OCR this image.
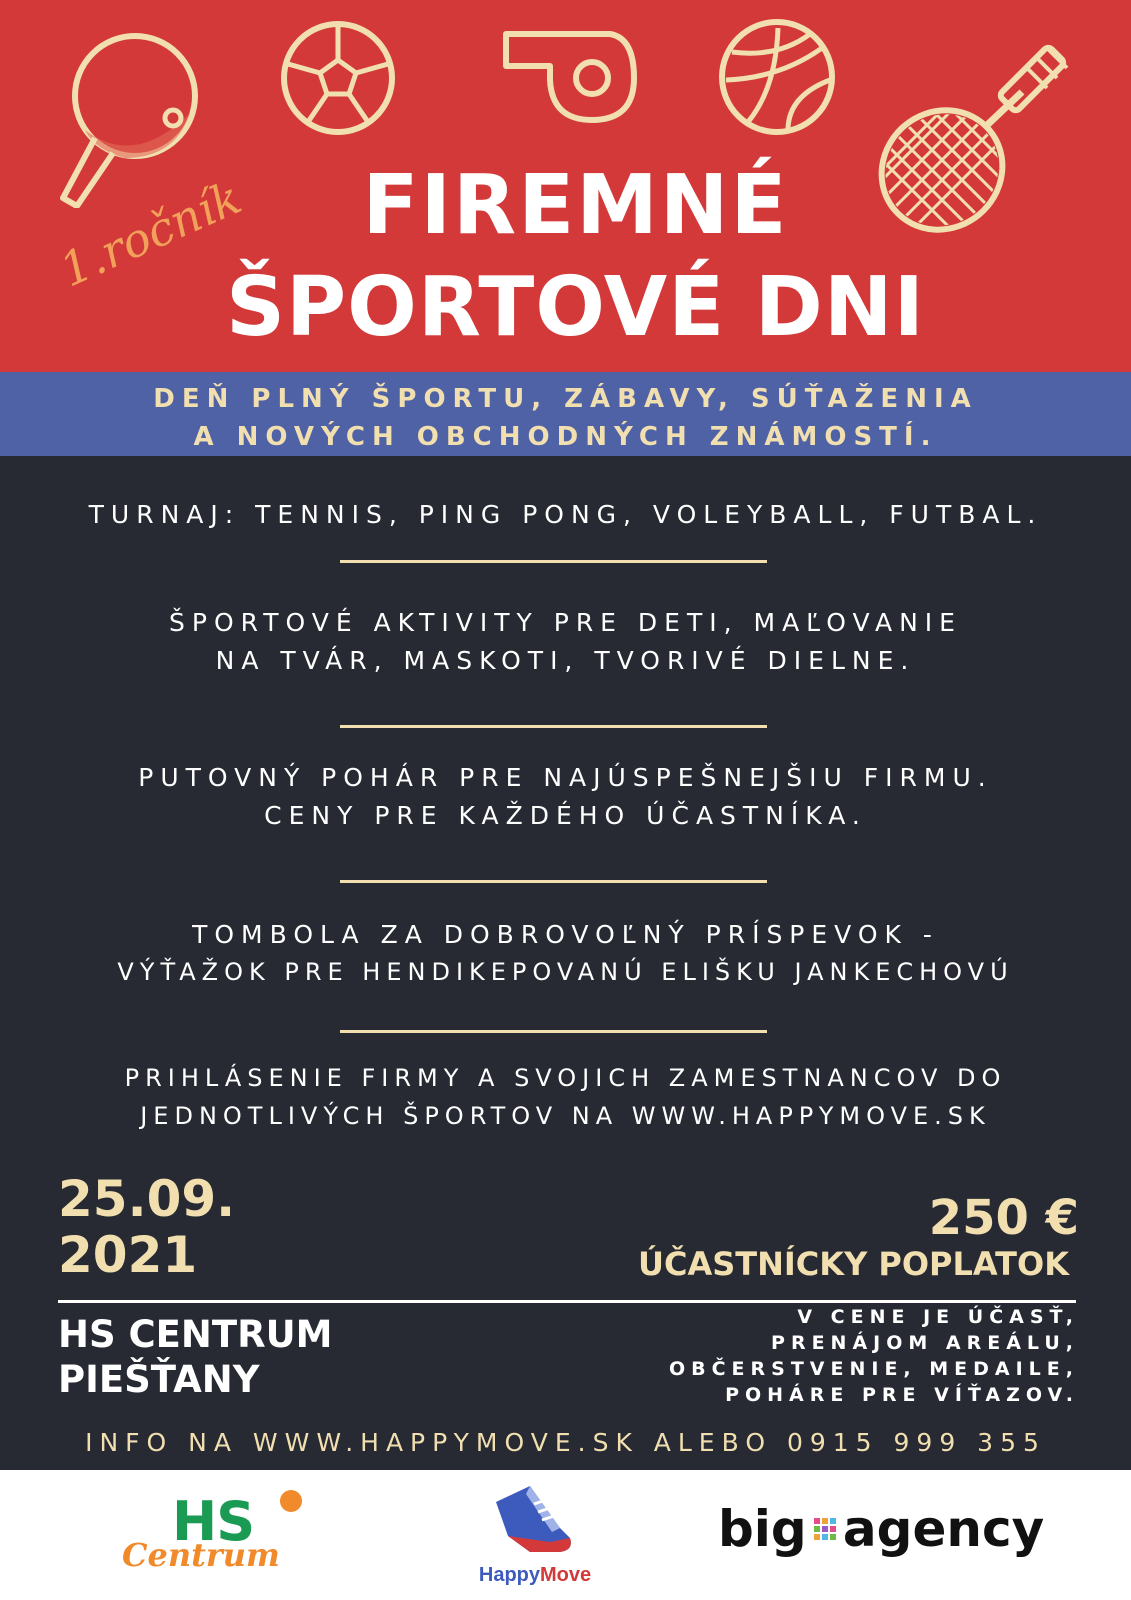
1.ročník	FIREMNÉ
ŠPORTOVÉ DNI
DEŇ PLNÝ ŠPORTU, ZÁBAVY, SÚŤAŽENIA
A NOVÝCH OBCHODNÝCH ZNÁMOSTÍ.
TURNAJ: TENNIS, PING PONG, VOLEYBALL, FUTBAL.
ŠPORTOVÉ AKTIVITY PRE DETI, MAĽOVANIE
NA TVÁR, MASKOTI, TVORIVÉ DIELNE.
PUTOVNÝ POHÁR PRE NAJÚSPEŠNEJŠIU FIRMU.
CENY PRE KAŽDÉHO ÚČASTNÍKA.
TOMBOLA ZA DOBROVOĽNÝ PRÍSPEVOK -
VÝŤAŽOK PRE HENDIKEPOVANÚ ELIŠKU JANKECHOVÚ
PRIHLÁSENIE FIRMY A SVOJICH ZAMESTNANCOV DO
JEDNOTLIVÝCH ŠPORTOV NA WWW.HAPPYMOVE.SK
25.09.
2021
250 €
ÚČASTNÍCKY POPLATOK
HS CENTRUM
PIEŠŤANY
V CENE JE ÚČASŤ,
PRENÁJOM AREÁLU,
OBČERSTVENIE, MEDAILE,
POHÁRE PRE VÍŤAZOV.
INFO NA WWW.HAPPYMOVE.SK ALEBO 0915 999 355
HS
Centrum
HappyMove
big agency
